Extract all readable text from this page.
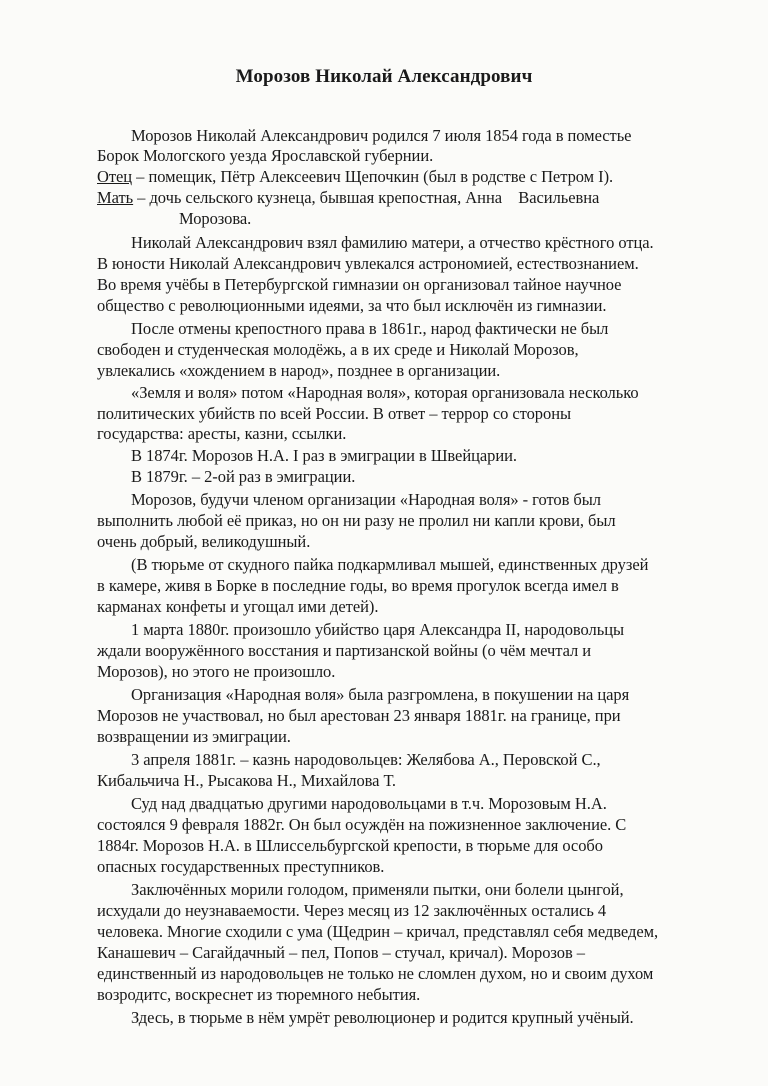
Морозов Николай Александрович
Морозов Николай Александрович родился 7 июля 1854 года в поместье
Борок Мологского уезда Ярославской губернии.
Отец – помещик, Пётр Алексеевич Щепочкин (был в родстве с Петром I).
Мать – дочь сельского кузнеца, бывшая крепостная, Анна    Васильевна
Морозова.
Николай Александрович взял фамилию матери, а отчество крёстного отца.
В юности Николай Александрович увлекался астрономией, естествознанием.
Во время учёбы в Петербургской гимназии он организовал тайное научное
общество с революционными идеями, за что был исключён из гимназии.
После отмены крепостного права в 1861г., народ фактически не был
свободен и студенческая молодёжь, а в их среде и Николай Морозов,
увлекались «хождением в народ», позднее в организации.
«Земля и воля» потом «Народная воля», которая организовала несколько
политических убийств по всей России. В ответ – террор со стороны
государства: аресты, казни, ссылки.
В 1874г. Морозов Н.А. I раз в эмиграции в Швейцарии.
В 1879г. – 2-ой раз в эмиграции.
Морозов, будучи членом организации «Народная воля» - готов был
выполнить любой её приказ, но он ни разу не пролил ни капли крови, был
очень добрый, великодушный.
(В тюрьме от скудного пайка подкармливал мышей, единственных друзей
в камере, живя в Борке в последние годы, во время прогулок всегда имел в
карманах конфеты и угощал ими детей).
1 марта 1880г. произошло убийство царя Александра II, народовольцы
ждали вооружённого восстания и партизанской войны (о чём мечтал и
Морозов), но этого не произошло.
Организация «Народная воля» была разгромлена, в покушении на царя
Морозов не участвовал, но был арестован 23 января 1881г. на границе, при
возвращении из эмиграции.
3 апреля 1881г. – казнь народовольцев: Желябова А., Перовской С.,
Кибальчича Н., Рысакова Н., Михайлова Т.
Суд над двадцатью другими народовольцами в т.ч. Морозовым Н.А.
состоялся 9 февраля 1882г. Он был осуждён на пожизненное заключение. С
1884г. Морозов Н.А. в Шлиссельбургской крепости, в тюрьме для особо
опасных государственных преступников.
Заключённых морили голодом, применяли пытки, они болели цынгой,
исхудали до неузнаваемости. Через месяц из 12 заключённых остались 4
человека. Многие сходили с ума (Щедрин – кричал, представлял себя медведем,
Канашевич – Сагайдачный – пел, Попов – стучал, кричал). Морозов –
единственный из народовольцев не только не сломлен духом, но и своим духом
возродитс, воскреснет из тюремного небытия.
Здесь, в тюрьме в нём умрёт революционер и родится крупный учёный.
